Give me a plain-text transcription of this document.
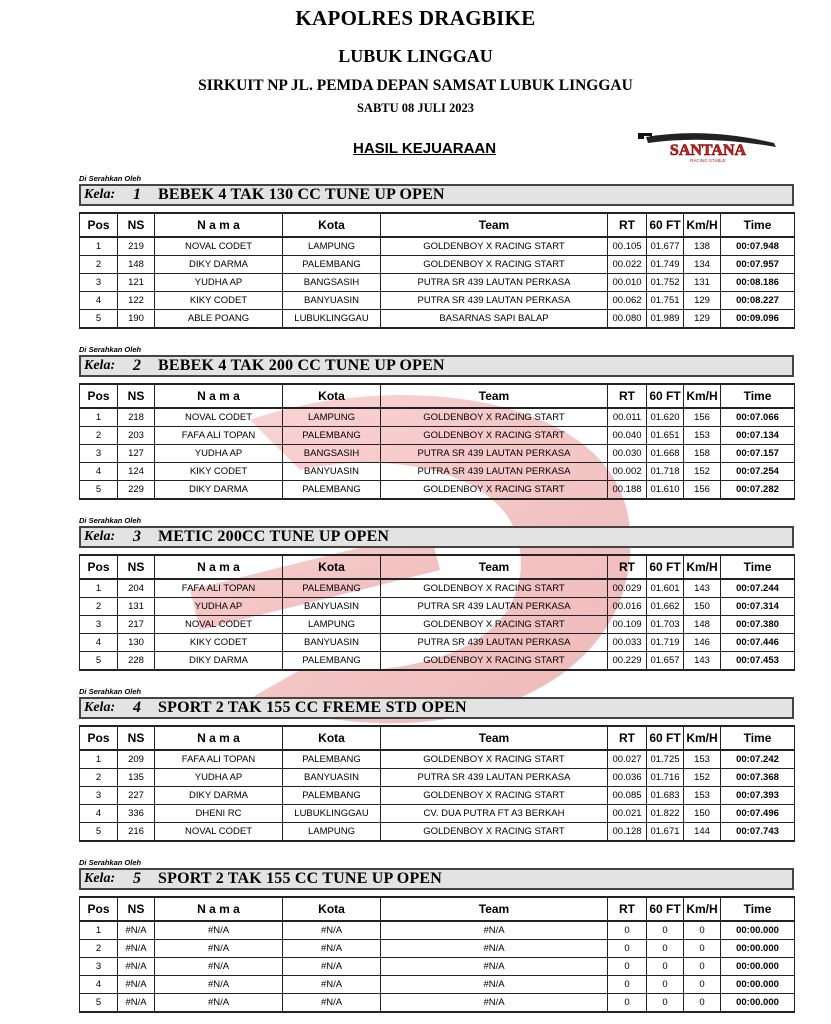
KAPOLRES DRAGBIKE
LUBUK LINGGAU
SIRKUIT NP JL. PEMDA DEPAN SAMSAT LUBUK LINGGAU
SABTU 08 JULI 2023
HASIL KEJUARAAN	SANTANA
RACING STABLE
Di Serahkan Oleh
Kela:	1	BEBEK 4 TAK 130 CC TUNE UP OPEN
Pos	NS	N a m a	Kota	Team	RT	60 FT	Km/H	Time
1	219	NOVAL CODET	LAMPUNG	GOLDENBOY X RACING START	00.105	01.677	138	00:07.948
2	148	DIKY DARMA	PALEMBANG	GOLDENBOY X RACING START	00.022	01.749	134	00:07.957
3	121	YUDHA AP	BANGSASIH	PUTRA SR 439 LAUTAN PERKASA	00.010	01.752	131	00:08.186
4	122	KIKY CODET	BANYUASIN	PUTRA SR 439 LAUTAN PERKASA	00.062	01.751	129	00:08.227
5	190	ABLE POANG	LUBUKLINGGAU	BASARNAS SAPI BALAP	00.080	01.989	129	00:09.096
Di Serahkan Oleh
Kela:	2	BEBEK 4 TAK 200 CC TUNE UP OPEN
Pos	NS	N a m a	Kota	Team	RT	60 FT	Km/H	Time
1	218	NOVAL CODET	LAMPUNG	GOLDENBOY X RACING START	00.011	01.620	156	00:07.066
2	203	FAFA ALI TOPAN	PALEMBANG	GOLDENBOY X RACING START	00.040	01.651	153	00:07.134
3	127	YUDHA AP	BANGSASIH	PUTRA SR 439 LAUTAN PERKASA	00.030	01.668	158	00:07.157
4	124	KIKY CODET	BANYUASIN	PUTRA SR 439 LAUTAN PERKASA	00.002	01.718	152	00:07.254
5	229	DIKY DARMA	PALEMBANG	GOLDENBOY X RACING START	00.188	01.610	156	00:07.282
Di Serahkan Oleh
Kela:	3	METIC 200CC TUNE UP OPEN
Pos	NS	N a m a	Kota	Team	RT	60 FT	Km/H	Time
1	204	FAFA ALI TOPAN	PALEMBANG	GOLDENBOY X RACING START	00.029	01.601	143	00:07.244
2	131	YUDHA AP	BANYUASIN	PUTRA SR 439 LAUTAN PERKASA	00.016	01.662	150	00:07.314
3	217	NOVAL CODET	LAMPUNG	GOLDENBOY X RACING START	00.109	01.703	148	00:07.380
4	130	KIKY CODET	BANYUASIN	PUTRA SR 439 LAUTAN PERKASA	00.033	01.719	146	00:07.446
5	228	DIKY DARMA	PALEMBANG	GOLDENBOY X RACING START	00.229	01.657	143	00:07.453
Di Serahkan Oleh
Kela:	4	SPORT 2 TAK 155 CC FREME STD OPEN
Pos	NS	N a m a	Kota	Team	RT	60 FT	Km/H	Time
1	209	FAFA ALI TOPAN	PALEMBANG	GOLDENBOY X RACING START	00.027	01.725	153	00:07.242
2	135	YUDHA AP	BANYUASIN	PUTRA SR 439 LAUTAN PERKASA	00.036	01.716	152	00:07.368
3	227	DIKY DARMA	PALEMBANG	GOLDENBOY X RACING START	00.085	01.683	153	00:07.393
4	336	DHENI RC	LUBUKLINGGAU	CV. DUA PUTRA FT A3 BERKAH	00.021	01.822	150	00:07.496
5	216	NOVAL CODET	LAMPUNG	GOLDENBOY X RACING START	00.128	01.671	144	00:07.743
Di Serahkan Oleh
Kela:	5	SPORT 2 TAK 155 CC TUNE UP OPEN
Pos	NS	N a m a	Kota	Team	RT	60 FT	Km/H	Time
1	#N/A	#N/A	#N/A	#N/A	0	0	0	00:00.000
2	#N/A	#N/A	#N/A	#N/A	0	0	0	00:00.000
3	#N/A	#N/A	#N/A	#N/A	0	0	0	00:00.000
4	#N/A	#N/A	#N/A	#N/A	0	0	0	00:00.000
5	#N/A	#N/A	#N/A	#N/A	0	0	0	00:00.000
